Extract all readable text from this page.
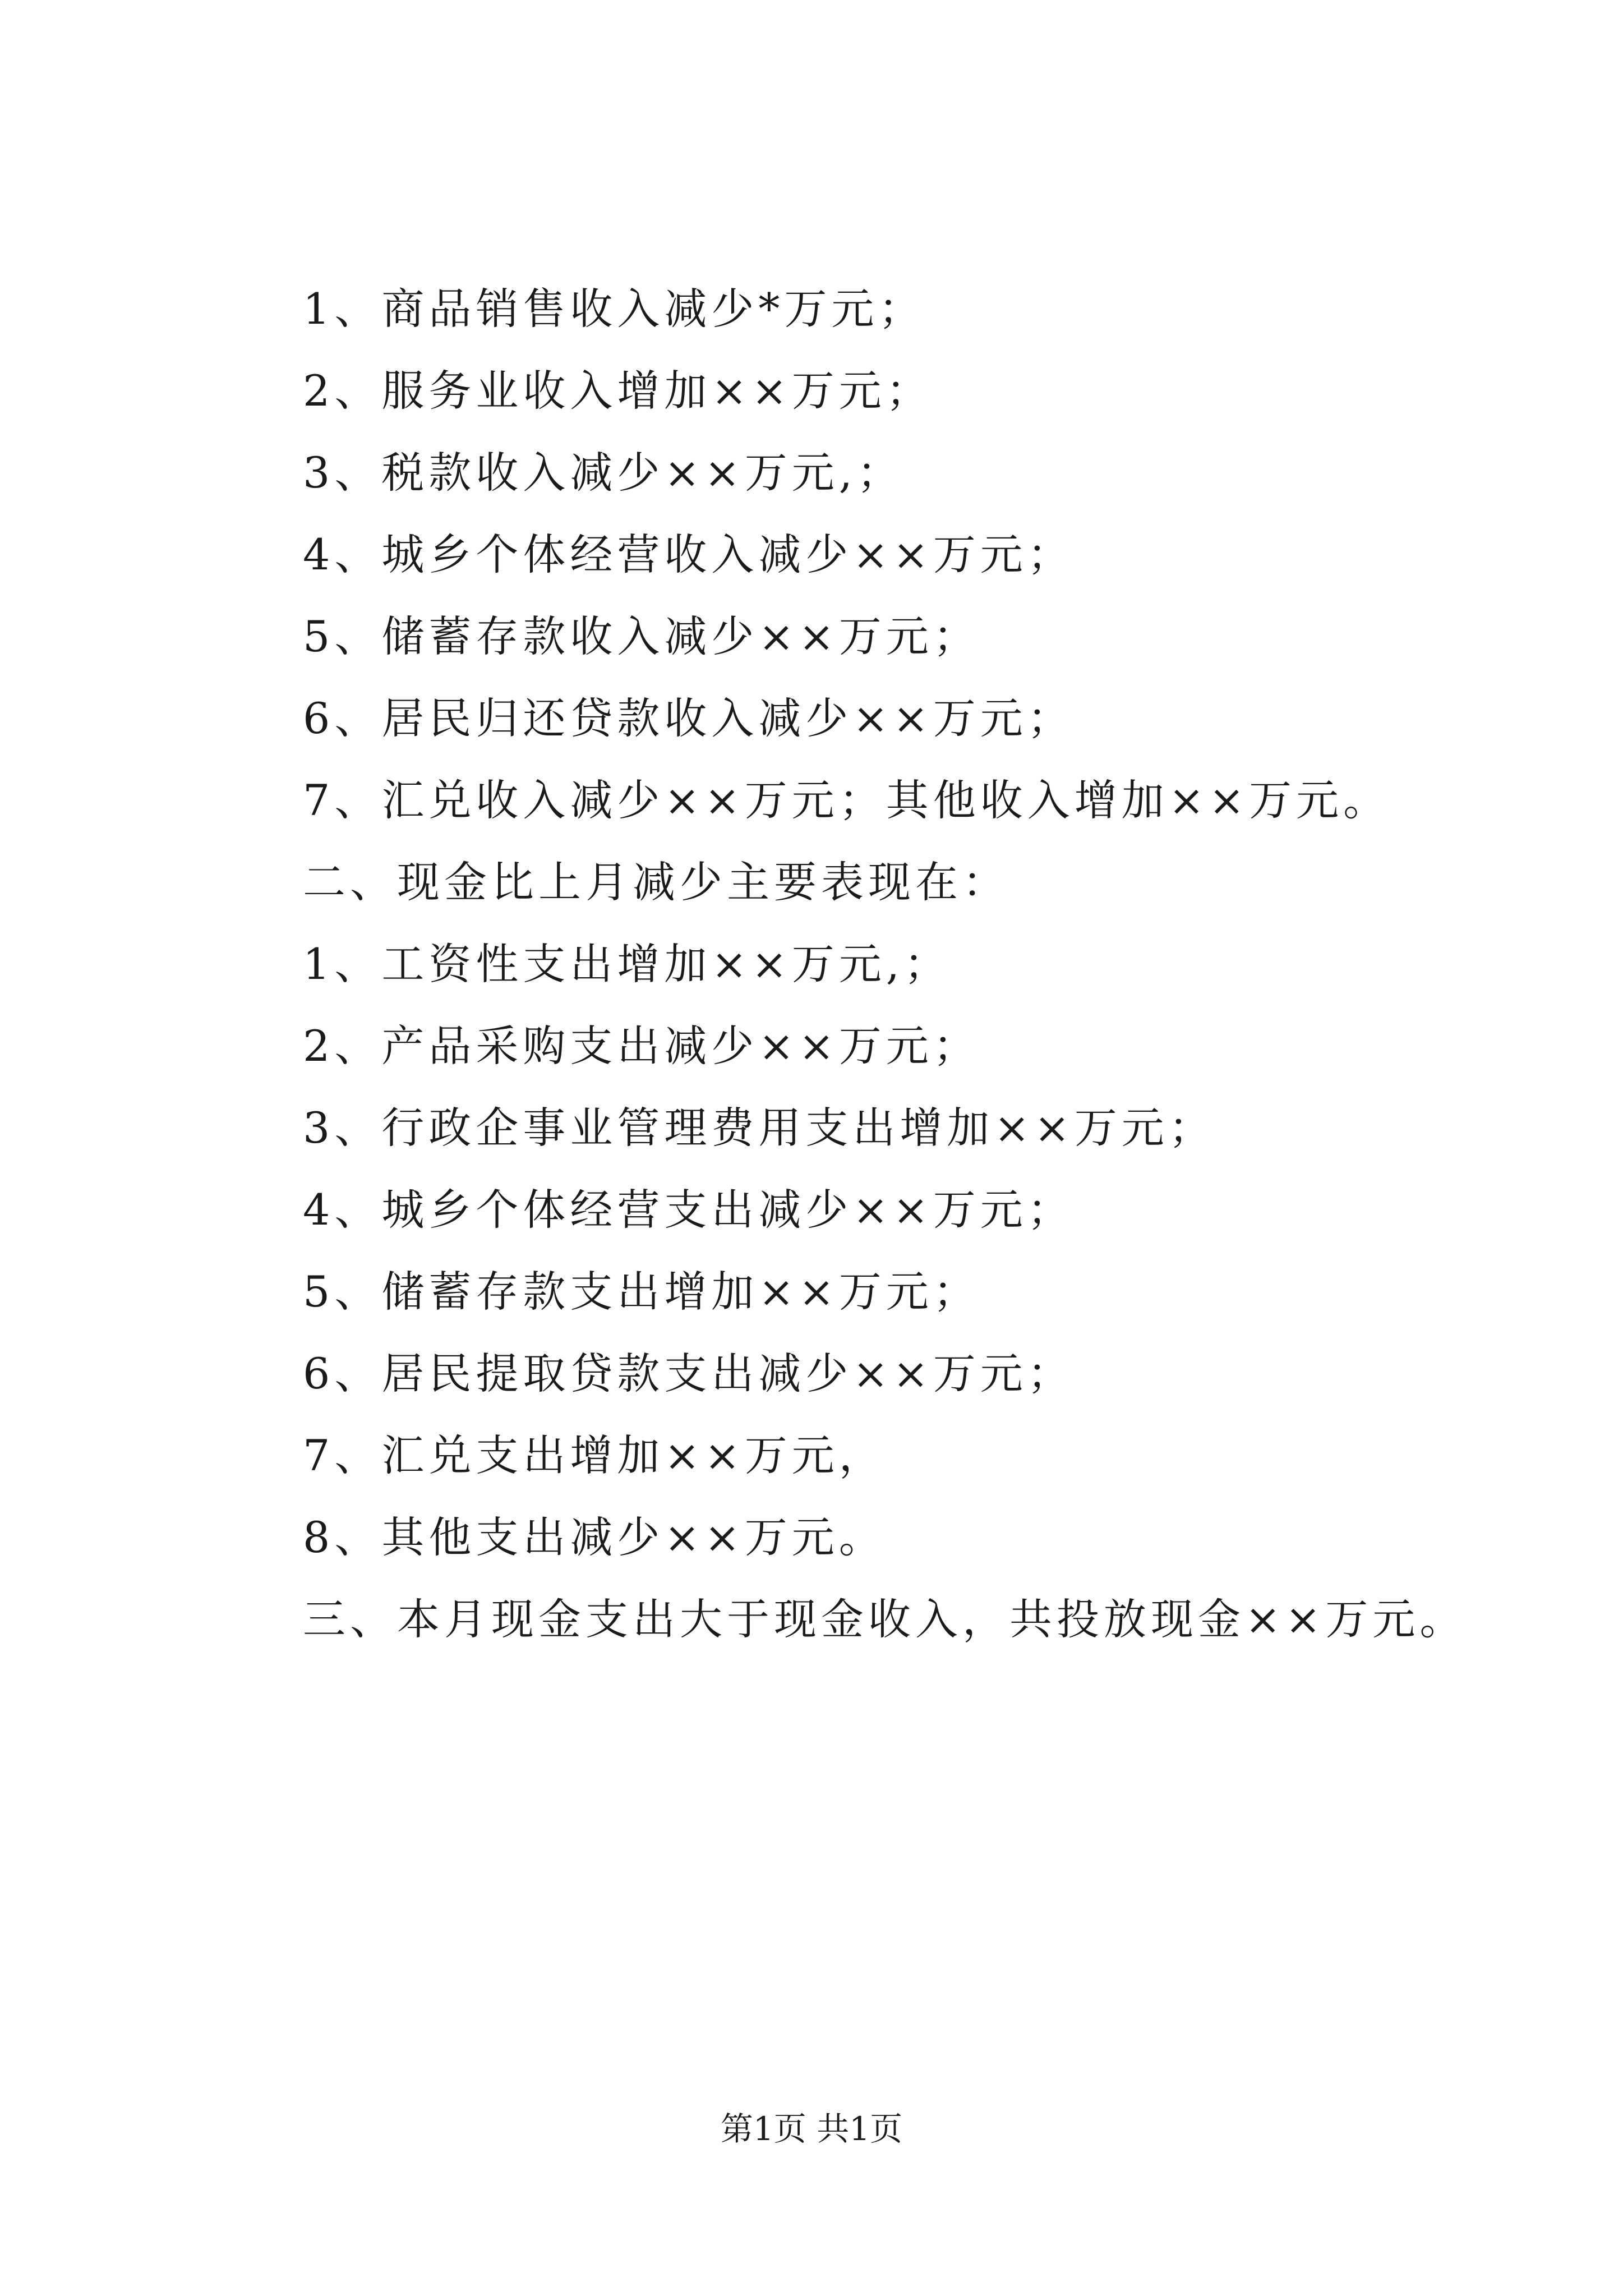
1、商品销售收入减少*万元；
2、服务业收入增加××万元；
3、税款收入减少××万元,；
4、城乡个体经营收入减少××万元；
5、储蓄存款收入减少××万元；
6、居民归还贷款收入减少××万元；
7、汇兑收入减少××万元；其他收入增加××万元。
二、现金比上月减少主要表现在：
1、工资性支出增加××万元,；
2、产品采购支出减少××万元；
3、行政企事业管理费用支出增加××万元；
4、城乡个体经营支出减少××万元；
5、储蓄存款支出增加××万元；
6、居民提取贷款支出减少××万元；
7、汇兑支出增加××万元，
8、其他支出减少××万元。
三、本月现金支出大于现金收入，共投放现金××万元。
第1页 共1页
